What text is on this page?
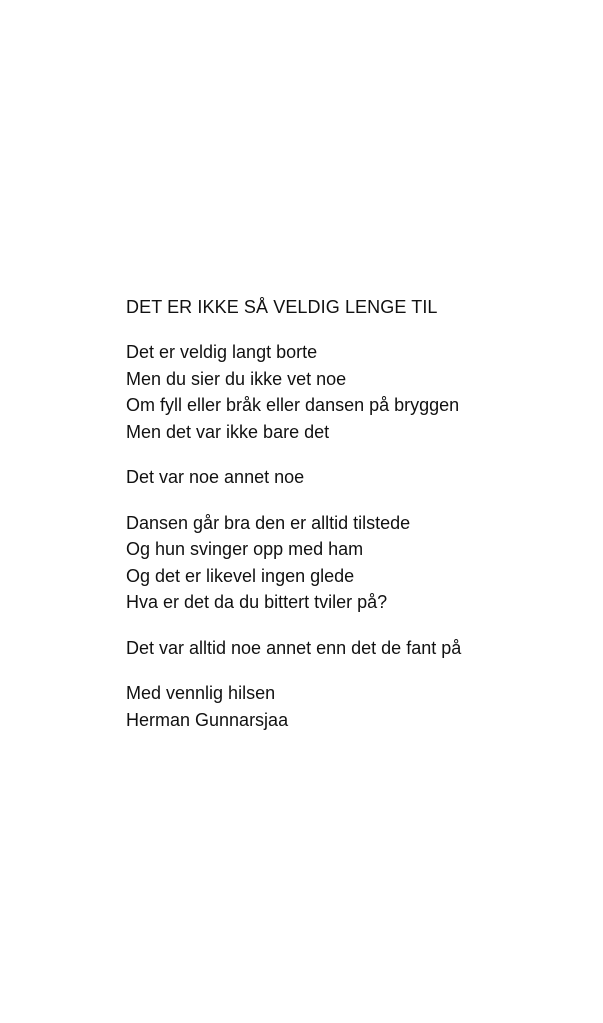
DET ER IKKE SÅ VELDIG LENGE TIL
Det er veldig langt borte
Men du sier du ikke vet noe
Om fyll eller bråk eller dansen på bryggen
Men det var ikke bare det
Det var noe annet noe
Dansen går bra den er alltid tilstede
Og hun svinger opp med ham
Og det er likevel ingen glede
Hva er det da du bittert tviler på?
Det var alltid noe annet enn det de fant på
Med vennlig hilsen
Herman Gunnarsjaa
